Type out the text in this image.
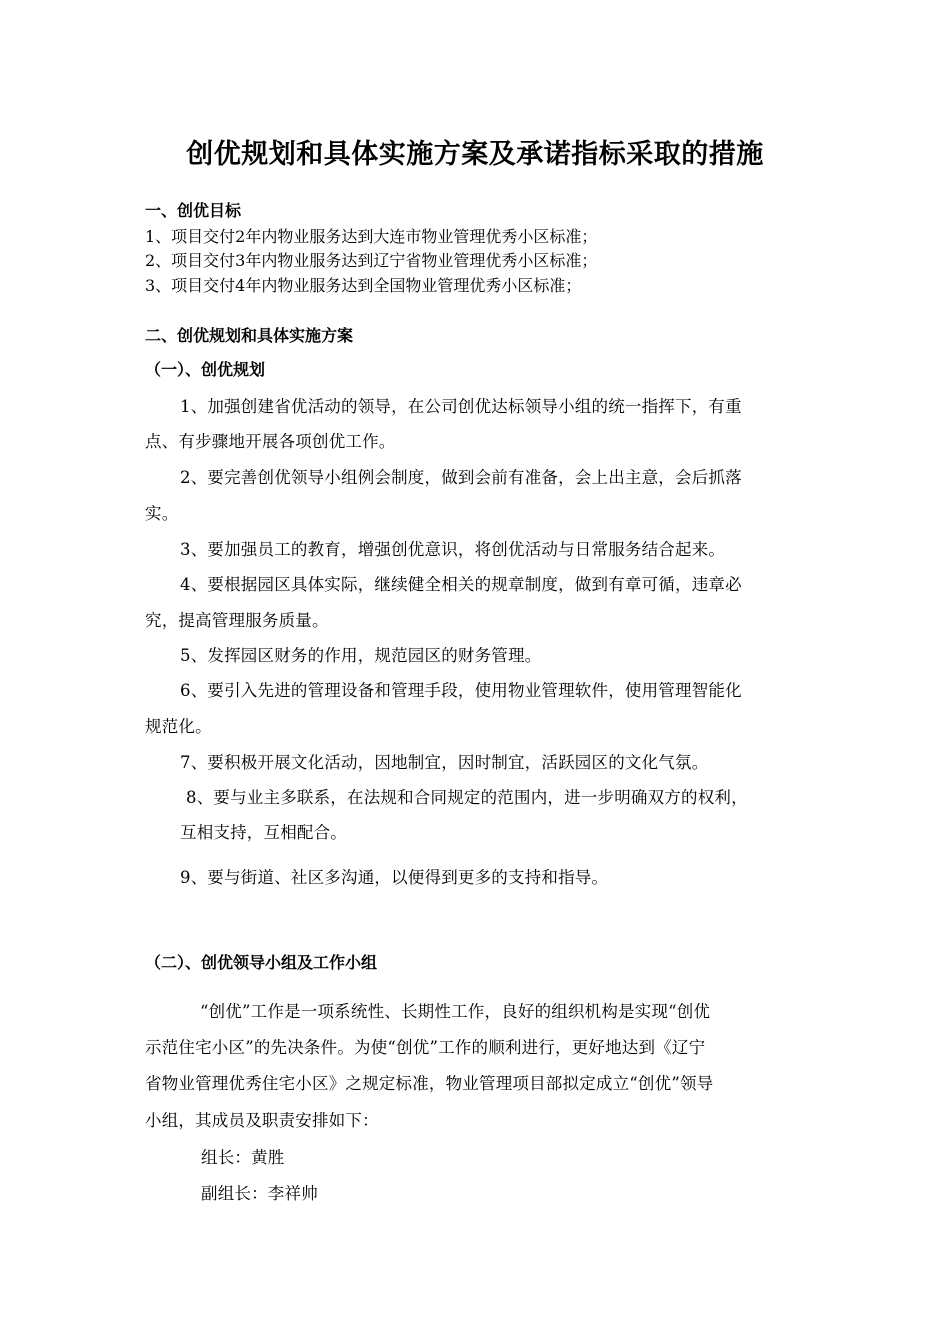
创优规划和具体实施方案及承诺指标采取的措施
一、创优目标
1、项目交付2年内物业服务达到大连市物业管理优秀小区标准；
2、项目交付3年内物业服务达到辽宁省物业管理优秀小区标准；
3、项目交付4年内物业服务达到全国物业管理优秀小区标准；
二、创优规划和具体实施方案
（一）、创优规划
1、加强创建省优活动的领导，在公司创优达标领导小组的统一指挥下，有重
点、有步骤地开展各项创优工作。
2、要完善创优领导小组例会制度，做到会前有准备，会上出主意，会后抓落
实。
3、要加强员工的教育，增强创优意识，将创优活动与日常服务结合起来。
4、要根据园区具体实际，继续健全相关的规章制度，做到有章可循，违章必
究，提高管理服务质量。
5、发挥园区财务的作用，规范园区的财务管理。
6、要引入先进的管理设备和管理手段，使用物业管理软件，使用管理智能化
规范化。
7、要积极开展文化活动，因地制宜，因时制宜，活跃园区的文化气氛。
8、要与业主多联系，在法规和合同规定的范围内，进一步明确双方的权利，
互相支持，互相配合。
9、要与街道、社区多沟通，以便得到更多的支持和指导。
（二）、创优领导小组及工作小组
“创优”工作是一项系统性、长期性工作，良好的组织机构是实现“创优
示范住宅小区”的先决条件。为使“创优”工作的顺利进行，更好地达到《辽宁
省物业管理优秀住宅小区》之规定标准，物业管理项目部拟定成立“创优”领导
小组，其成员及职责安排如下：
组长：黄胜
副组长：李祥帅
